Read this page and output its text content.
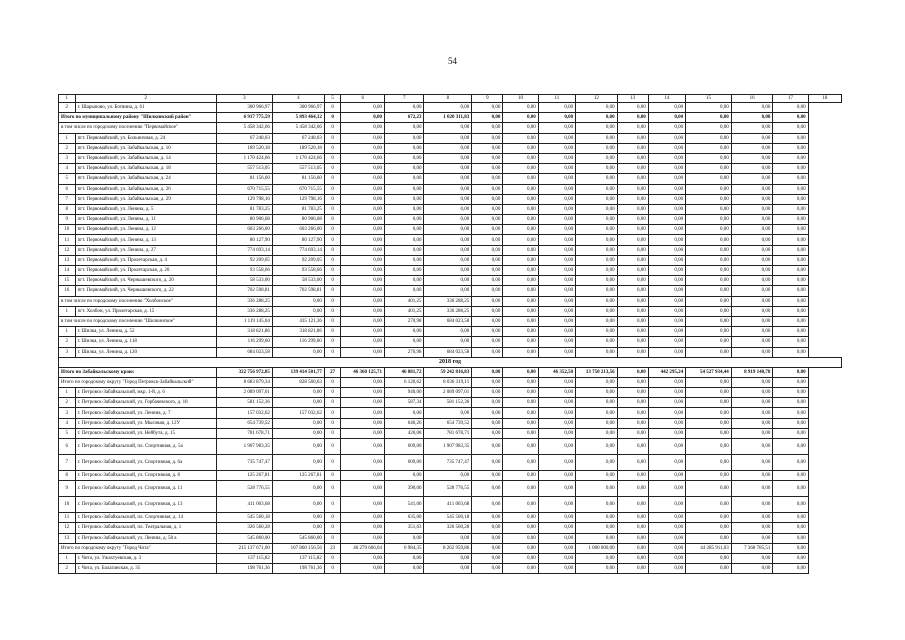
54
1	2	3	4	5	6	7	8	9	10	11	12	13	14	15	16	17	18
2	г. Шарыпово, ул. Ботвина, д. 61	300 966,97	300 966,97	0	0,00	0,00	0,00	0,00	0,00	0,00	0,00	0,00	0,00	0,00	0,00	0,00	
Итого по муниципальному району "Шилкинский район"		6 917 775,59	5 893 464,12	0	0,00	672,23	1 020 311,83	0,00	0,00	0,00	0,00	0,00	0,00	0,00	0,00	0,00	
в том числе по городскому поселению "Первомайское"		5 458 342,66	5 458 342,66	0	0,00	0,00	0,00	0,00	0,00	0,00	0,00	0,00	0,00	0,00	0,00	0,00	
1	пгт. Первомайский, ул. Больничная, д. 24	67 248,03	67 248,03	0	0,00	0,00	0,00	0,00	0,00	0,00	0,00	0,00	0,00	0,00	0,00	0,00	
2	пгт. Первомайский, ул. Забайкальская, д. 10	189 520,18	189 520,18	0	0,00	0,00	0,00	0,00	0,00	0,00	0,00	0,00	0,00	0,00	0,00	0,00	
3	пгт. Первомайский, ул. Забайкальская, д. 14	1 170 424,66	1 170 424,66	0	0,00	0,00	0,00	0,00	0,00	0,00	0,00	0,00	0,00	0,00	0,00	0,00	
4	пгт. Первомайский, ул. Забайкальская, д. 18	557 513,05	557 513,05	0	0,00	0,00	0,00	0,00	0,00	0,00	0,00	0,00	0,00	0,00	0,00	0,00	
5	пгт. Первомайский, ул. Забайкальская, д. 24	81 156,60	81 156,60	0	0,00	0,00	0,00	0,00	0,00	0,00	0,00	0,00	0,00	0,00	0,00	0,00	
6	пгт. Первомайский, ул. Забайкальская, д. 26	670 715,55	670 715,55	0	0,00	0,00	0,00	0,00	0,00	0,00	0,00	0,00	0,00	0,00	0,00	0,00	
7	пгт. Первомайский, ул. Забайкальская, д. 29	129 798,16	129 798,16	0	0,00	0,00	0,00	0,00	0,00	0,00	0,00	0,00	0,00	0,00	0,00	0,00	
8	пгт. Первомайский, ул. Ленина, д. 5	81 783,25	81 783,25	0	0,00	0,00	0,00	0,00	0,00	0,00	0,00	0,00	0,00	0,00	0,00	0,00	
9	пгт. Первомайский, ул. Ленина, д. 11	80 906,68	80 906,68	0	0,00	0,00	0,00	0,00	0,00	0,00	0,00	0,00	0,00	0,00	0,00	0,00	
10	пгт. Первомайский, ул. Ленина, д. 12	603 266,00	603 266,00	0	0,00	0,00	0,00	0,00	0,00	0,00	0,00	0,00	0,00	0,00	0,00	0,00	
11	пгт. Первомайский, ул. Ленина, д. 13	80 127,90	80 127,90	0	0,00	0,00	0,00	0,00	0,00	0,00	0,00	0,00	0,00	0,00	0,00	0,00	
12	пгт. Первомайский, ул. Ленина, д. 27	774 693,14	774 693,14	0	0,00	0,00	0,00	0,00	0,00	0,00	0,00	0,00	0,00	0,00	0,00	0,00	
13	пгт. Первомайский, ул. Пролетарская, д. 4	92 209,05	92 209,05	0	0,00	0,00	0,00	0,00	0,00	0,00	0,00	0,00	0,00	0,00	0,00	0,00	
14	пгт. Первомайский, ул. Пролетарская, д. 20	93 558,66	93 558,66	0	0,00	0,00	0,00	0,00	0,00	0,00	0,00	0,00	0,00	0,00	0,00	0,00	
15	пгт. Первомайский, ул. Чернышевского, д. 20	58 533,00	58 533,00	0	0,00	0,00	0,00	0,00	0,00	0,00	0,00	0,00	0,00	0,00	0,00	0,00	
16	пгт. Первомайский, ул. Чернышевского, д. 22	702 598,81	702 598,81	0	0,00	0,00	0,00	0,00	0,00	0,00	0,00	0,00	0,00	0,00	0,00	0,00	
в том числе по городскому поселению "Холбонское"		336 288,25	0,00	0	0,00	401,25	336 288,25	0,00	0,00	0,00	0,00	0,00	0,00	0,00	0,00	0,00	
1	пгт. Холбон, ул. Пролетарская, д. 15	336 288,25	0,00	0	0,00	401,25	336 288,25	0,00	0,00	0,00	0,00	0,00	0,00	0,00	0,00	0,00	
в том числе по городскому поселению "Шилкинское"		1 119 145,04	435 121,36	0	0,00	270,98	684 023,58	0,00	0,00	0,00	0,00	0,00	0,00	0,00	0,00	0,00	
1	г. Шилка, ул. Ленина, д. 52	318 821,86	318 821,86	0	0,00	0,00	0,00	0,00	0,00	0,00	0,00	0,00	0,00	0,00	0,00	0,00	
2	г. Шилка, ул. Ленина, д. 118	116 299,60	116 299,60	0	0,00	0,00	0,00	0,00	0,00	0,00	0,00	0,00	0,00	0,00	0,00	0,00	
3	г. Шилка, ул. Ленина, д. 120	684 023,58	0,00	0	0,00	270,98	684 023,58	0,00	0,00	0,00	0,00	0,00	0,00	0,00	0,00	0,00	
2018 год																	
Итого по Забайкальскому краю:		322 756 972,05	139 414 501,77	27	46 360 125,71	46 881,72	59 242 816,83	0,00	0,00	46 352,50	13 750 213,56	0,00	442 295,24	54 527 934,44	8 919 140,78	0,00	
Итого по городскому округу "Город Петровск-Забайкальский"		8 683 879,34	828 560,63	0	0,00	6 120,62	8 036 319,11	0,00	0,00	0,00	0,00	0,00	0,00	0,00	0,00	0,00	
1	г. Петровск-Забайкальский, мкр. 1-й, д. 6	2 089 097,01	0,00	0	0,00	940,00	2 089 097,01	0,00	0,00	0,00	0,00	0,00	0,00	0,00	0,00	0,00	
2	г. Петровск-Забайкальский, ул. Горбачевского, д. 18	581 152,36	0,00	0	0,00	587,34	581 152,36	0,00	0,00	0,00	0,00	0,00	0,00	0,00	0,00	0,00	
3	г. Петровск-Забайкальский, ул. Ленина, д. 7	157 032,62	157 032,62	0	0,00	0,00	0,00	0,00	0,00	0,00	0,00	0,00	0,00	0,00	0,00	0,00	
4	г. Петровск-Забайкальский, ул. Мысовая, д. 12У	654 739,52	0,00	0	0,00	640,26	654 739,52	0,00	0,00	0,00	0,00	0,00	0,00	0,00	0,00	0,00	
5	г. Петровск-Забайкальский, ул. Нейбута, д. 15	781 678,71	0,00	0	0,00	426,08	781 678,71	0,00	0,00	0,00	0,00	0,00	0,00	0,00	0,00	0,00	
6	г. Петровск-Забайкальский, пл. Спортивная, д. 5а	1 907 983,35	0,00	0	0,00	609,00	1 907 983,35	0,00	0,00	0,00	0,00	0,00	0,00	0,00	0,00	0,00	
7	г. Петровск-Забайкальский, ул. Спортивная, д. 6а	735 747,47	0,00	0	0,00	609,00	735 747,47	0,00	0,00	0,00	0,00	0,00	0,00	0,00	0,00	0,00	
8	г. Петровск-Забайкальский, ул. Спортивная, д. 8	125 267,81	125 267,81	0	0,00	0,00	0,00	0,00	0,00	0,00	0,00	0,00	0,00	0,00	0,00	0,00	
9	г. Петровск-Забайкальский, ул. Спортивная, д. 11	528 776,55	0,00	0	0,00	390,00	528 776,55	0,00	0,00	0,00	0,00	0,00	0,00	0,00	0,00	0,00	
10	г. Петровск-Забайкальский, ул. Спортивная, д. 13	411 003,68	0,00	0	0,00	541,00	411 003,68	0,00	0,00	0,00	0,00	0,00	0,00	0,00	0,00	0,00	
11	г. Петровск-Забайкальский, пл. Спортивная, д. 14	545 560,18	0,00	0	0,00	635,00	545 560,18	0,00	0,00	0,00	0,00	0,00	0,00	0,00	0,00	0,00	
12	г. Петровск-Забайкальский, пл. Театральная, д. 1	326 560,28	0,00	0	0,00	351,63	326 560,28	0,00	0,00	0,00	0,00	0,00	0,00	0,00	0,00	0,00	
13	г. Петровск-Забайкальский, ул. Ленина, д. 58 а	545 860,00	545 860,00	0	0,00	0,00	0,00	0,00	0,00	0,00	0,00	0,00	0,00	0,00	0,00	0,00	
Итого по городскому округу "Город Чита"		215 137 671,00	107 860 156,56	23	46 279 666,04	6 984,35	8 262 959,86	0,00	0,00	0,00	1 000 000,00	0,00	0,00	44 285 911,03	7 368 785,51	0,00	
1	г. Чита, ул. Ужахтуевская, д. 3	137 115,82	137 115,82	0	0,00	0,00	0,00	0,00	0,00	0,00	0,00	0,00	0,00	0,00	0,00	0,00	
2	г. Чита, ул. Балаганская, д. 35	198 761,36	198 761,36	0	0,00	0,00	0,00	0,00	0,00	0,00	0,00	0,00	0,00	0,00	0,00	0,00	
